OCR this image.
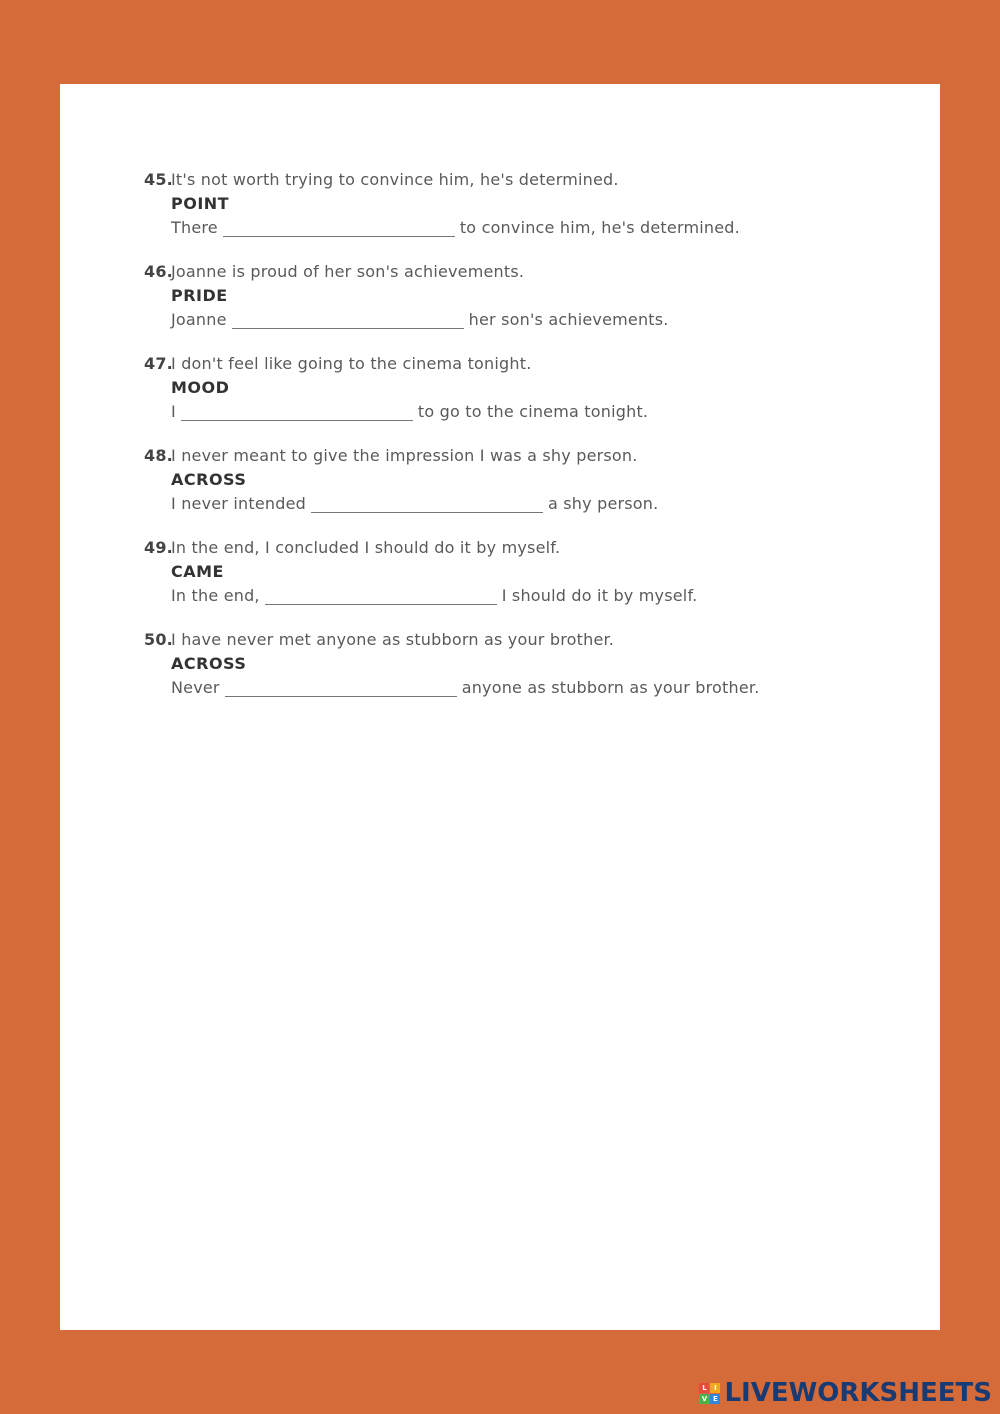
45.It's not worth trying to convince him, he's determined.
POINT
There	to convince him, he's determined.
46.Joanne is proud of her son's achievements.
PRIDE
Joanne	her son's achievements.
47.I don't feel like going to the cinema tonight.
MOOD
I	to go to the cinema tonight.
48.I never meant to give the impression I was a shy person.
ACROSS
I never intended	a shy person.
49.In the end, I concluded I should do it by myself.
CAME
In the end,	I should do it by myself.
50.I have never met anyone as stubborn as your brother.
ACROSS
Never	anyone as stubborn as your brother.
L	I
V E LIVEWORKSHEETS
